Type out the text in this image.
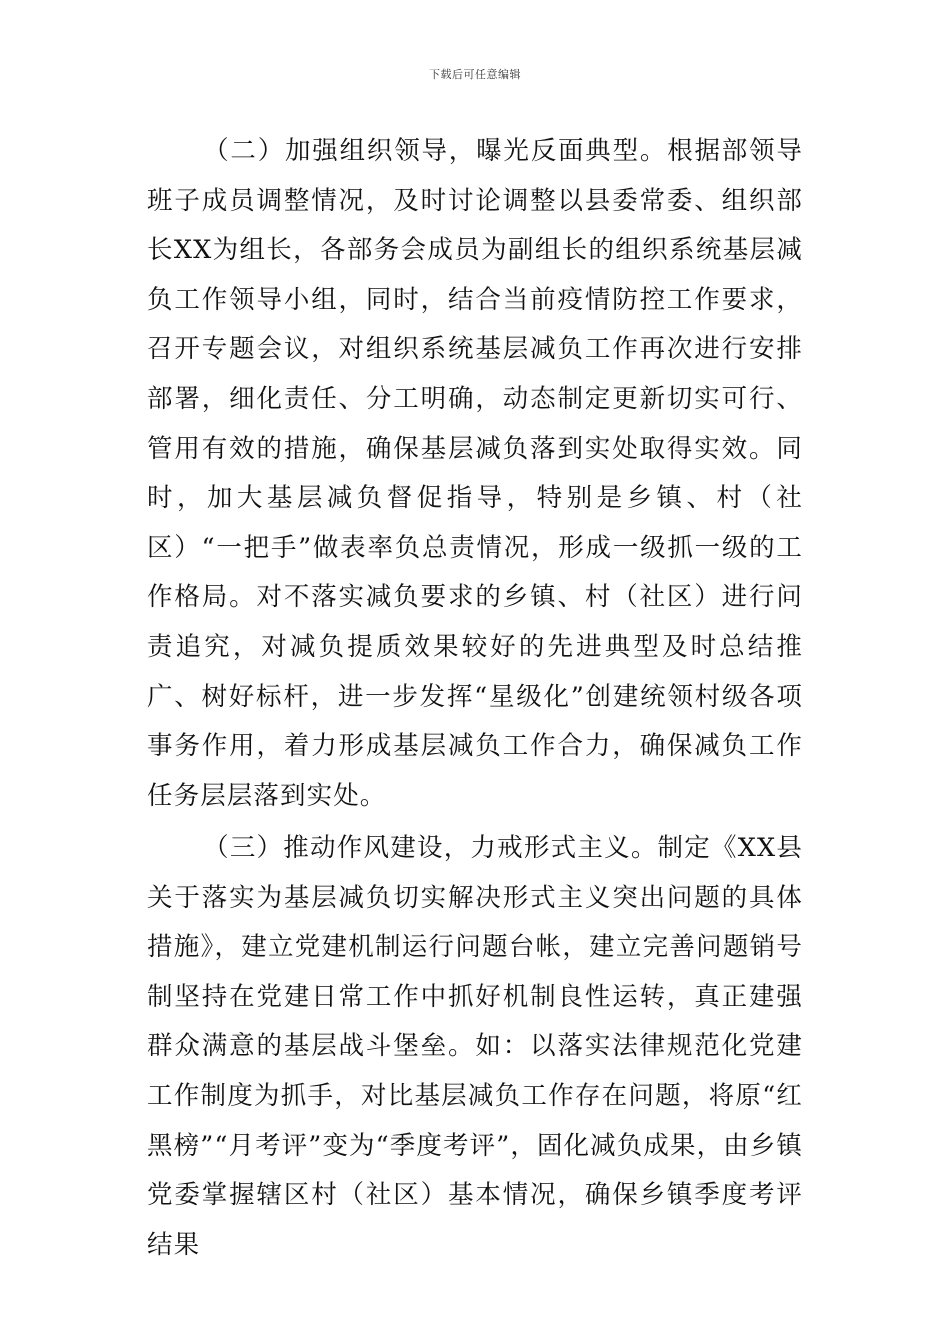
下载后可任意编辑

（二）加强组织领导，曝光反面典型。根据部领导班子成员调整情况，及时讨论调整以县委常委、组织部长XX为组长，各部务会成员为副组长的组织系统基层减负工作领导小组，同时，结合当前疫情防控工作要求，召开专题会议，对组织系统基层减负工作再次进行安排部署，细化责任、分工明确，动态制定更新切实可行、管用有效的措施，确保基层减负落到实处取得实效。同时，加大基层减负督促指导，特别是乡镇、村（社区）“一把手”做表率负总责情况，形成一级抓一级的工作格局。对不落实减负要求的乡镇、村（社区）进行问责追究，对减负提质效果较好的先进典型及时总结推广、树好标杆，进一步发挥“星级化”创建统领村级各项事务作用，着力形成基层减负工作合力，确保减负工作任务层层落到实处。

（三）推动作风建设，力戒形式主义。制定《XX县关于落实为基层减负切实解决形式主义突出问题的具体措施》，建立党建机制运行问题台帐，建立完善问题销号制坚持在党建日常工作中抓好机制良性运转，真正建强群众满意的基层战斗堡垒。如：以落实法律规范化党建工作制度为抓手，对比基层减负工作存在问题，将原“红黑榜”“月考评”变为“季度考评”，固化减负成果，由乡镇党委掌握辖区村（社区）基本情况，确保乡镇季度考评结果
